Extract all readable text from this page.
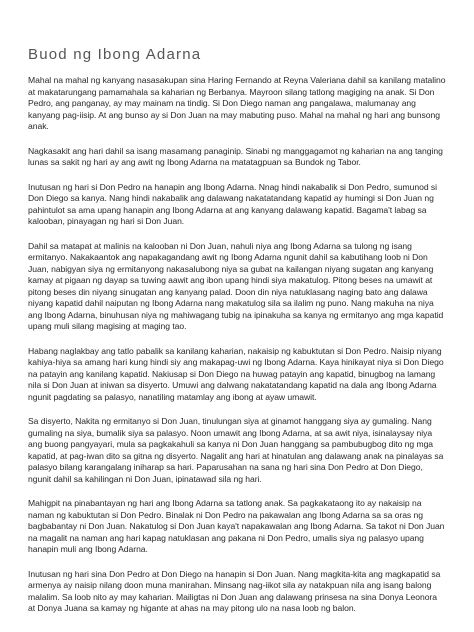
Buod ng Ibong Adarna

Mahal na mahal ng kanyang nasasakupan sina Haring Fernando at Reyna Valeriana dahil sa kanilang matalino at makatarungang pamamahala sa kaharian ng Berbanya. Mayroon silang tatlong magiging na anak. Si Don Pedro, ang panganay, ay may mainam na tindig. Si Don Diego naman ang pangalawa, malumanay ang kanyang pag-iisip. At ang bunso ay si Don Juan na may mabuting puso. Mahal na mahal ng hari ang bunsong anak.

Nagkasakit ang hari dahil sa isang masamang panaginip. Sinabi ng manggagamot ng kaharian na ang tanging lunas sa sakit ng hari ay ang awit ng Ibong Adarna na matatagpuan sa Bundok ng Tabor.

Inutusan ng hari si Don Pedro na hanapin ang Ibong Adarna. Nnag hindi nakabalik si Don Pedro, sumunod si Don Diego sa kanya. Nang hindi nakabalik ang dalawang nakatatandang kapatid ay humingi si Don Juan ng pahintulot sa ama upang hanapin ang Ibong Adarna at ang kanyang dalawang kapatid. Bagama't labag sa kalooban, pinayagan ng hari si Don Juan.

Dahil sa matapat at malinis na kalooban ni Don Juan, nahuli niya ang Ibong Adarna sa tulong ng isang ermitanyo. Nakakaantok ang napakagandang awit ng Ibong Adarna ngunit dahil sa kabutihang loob ni Don Juan, nabigyan siya ng ermitanyong nakasalubong niya sa gubat na kailangan niyang sugatan ang kanyang kamay at pigaan ng dayap sa tuwing aawit ang ibon upang hindi siya makatulog. Pitong beses na umawit at pitong beses din niyang sinugatan ang kanyang palad. Doon din niya natuklasang naging bato ang dalawa niyang kapatid dahil naiputan ng Ibong Adarna nang makatulog sila sa ilalim ng puno. Nang makuha na niya ang Ibong Adarna, binuhusan niya ng mahiwagang tubig na ipinakuha sa kanya ng ermitanyo ang mga kapatid upang muli silang magising at maging tao.

Habang naglakbay ang tatlo pabalik sa kanilang kaharian, nakaisip ng kabuktutan si Don Pedro. Naisip niyang kahiya-hiya sa amang hari kung hindi siy ang makapag-uwi ng Ibong Adarna. Kaya hinikayat niya si Don Diego na patayin ang kanilang kapatid. Nakiusap si Don Diego na huwag patayin ang kapatid, binugbog na lamang nila si Don Juan at iniwan sa disyerto. Umuwi ang dalwang nakatatandang kapatid na dala ang Ibong Adarna ngunit pagdating sa palasyo, nanatiling matamlay ang ibong at ayaw umawit.

Sa disyerto, Nakita ng ermitanyo si Don Juan, tinulungan siya at ginamot hanggang siya ay gumaling. Nang gumaling na siya, bumalik siya sa palasyo. Noon umawit ang Ibong Adarna, at sa awit niya, isinalaysay niya ang buong pangyayari, mula sa pagkakahuli sa kanya ni Don Juan hanggang sa pambubugbog dito ng mga kapatid, at pag-iwan dito sa gitna ng disyerto. Nagalit ang hari at hinatulan ang dalawang anak na pinalayas sa palasyo bilang karangalang iniharap sa hari. Paparusahan na sana ng hari sina Don Pedro at Don Diego, ngunit dahil sa kahilingan ni Don Juan, ipinatawad sila ng hari.

Mahigpit na pinabantayan ng hari ang Ibong Adarna sa tatlong anak. Sa pagkakataong ito ay nakaisip na naman ng kabuktutan si Don Pedro. Binalak ni Don Pedro na pakawalan ang Ibong Adarna sa sa oras ng bagbabantay ni Don Juan. Nakatulog si Don Juan kaya't napakawalan ang Ibong Adarna. Sa takot ni Don Juan na magalit na naman ang hari kapag natuklasan ang pakana ni Don Pedro, umalis siya ng palasyo upang hanapin muli ang Ibong Adarna.

Inutusan ng hari sina Don Pedro at Don Diego na hanapin si Don Juan. Nang magkita-kita ang magkapatid sa armenya ay naisip nilang doon muna manirahan. Minsang nag-iikot sila ay natakpuan nila ang isang balong malalim. Sa loob nito ay may kaharian. Mailigtas ni Don Juan ang dalawang prinsesa na sina Donya Leonora at Donya Juana sa kamay ng higante at ahas na may pitong ulo na nasa loob ng balon.
